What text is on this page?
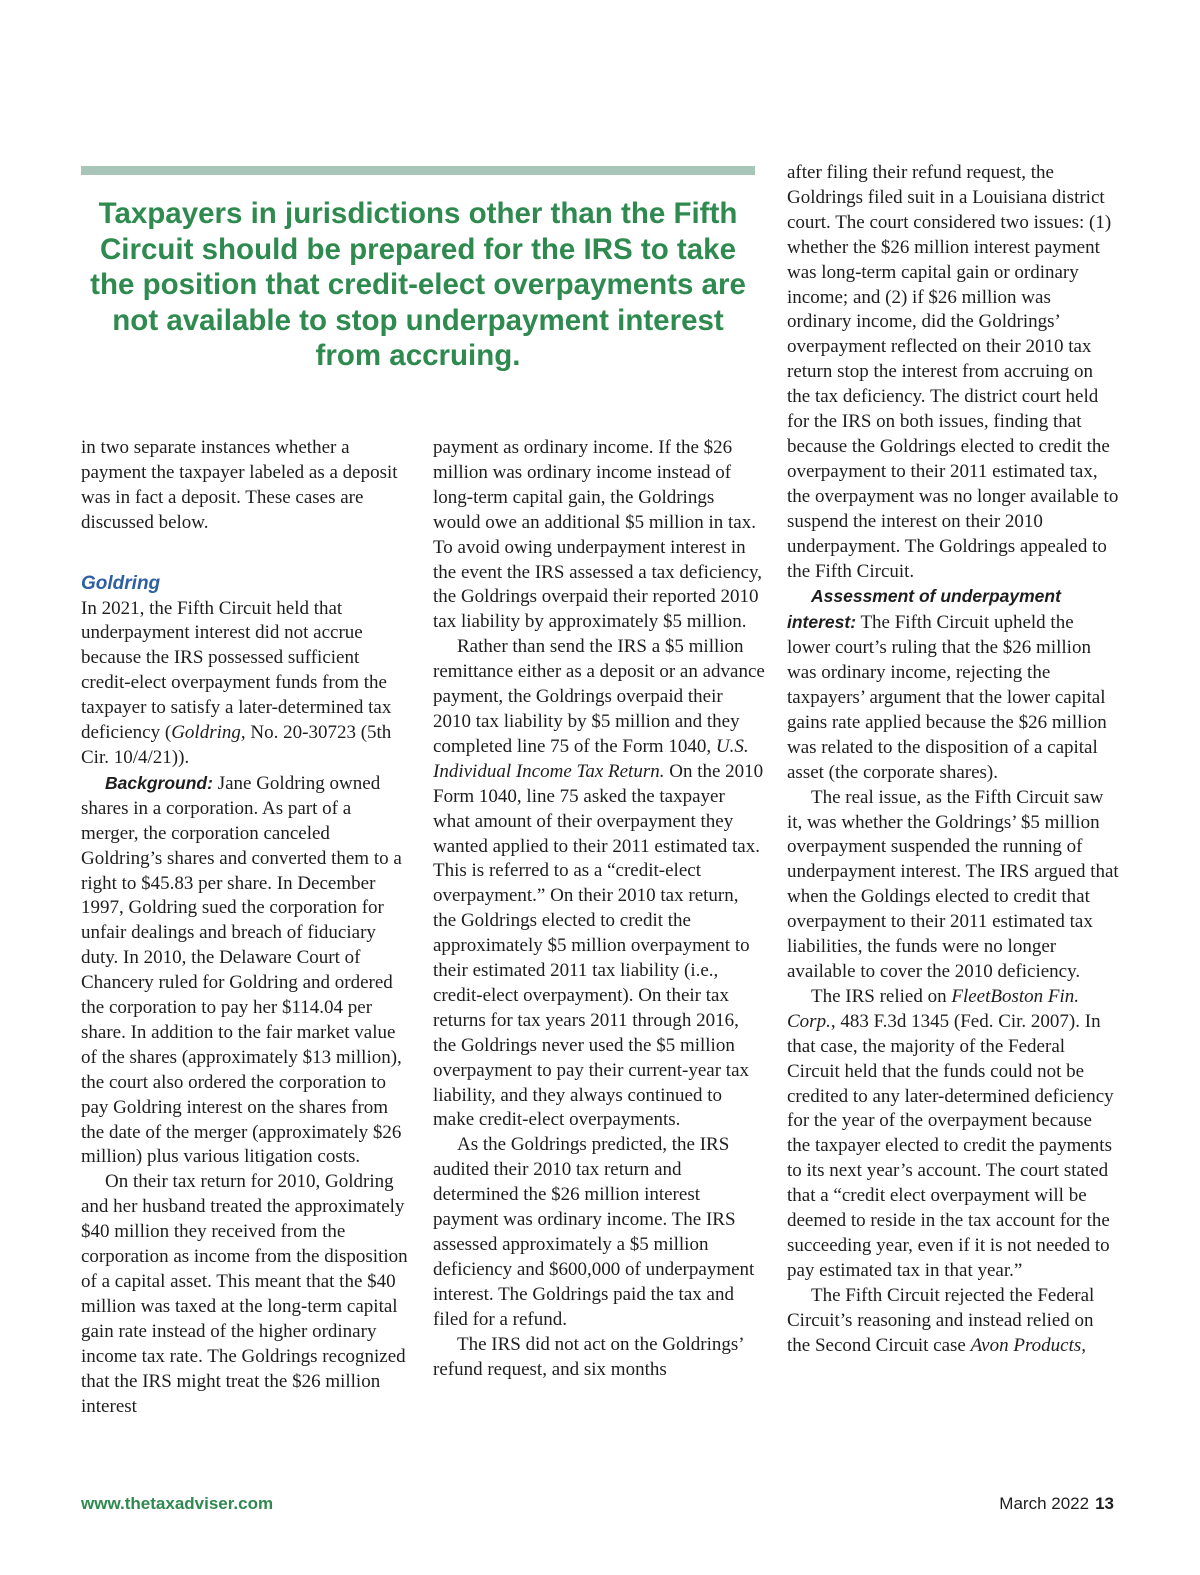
Taxpayers in jurisdictions other than the Fifth Circuit should be prepared for the IRS to take the position that credit-elect overpayments are not available to stop underpayment interest from accruing.

in two separate instances whether a payment the taxpayer labeled as a deposit was in fact a deposit. These cases are discussed below.

Goldring

In 2021, the Fifth Circuit held that underpayment interest did not accrue because the IRS possessed sufficient credit-elect overpayment funds from the taxpayer to satisfy a later-determined tax deficiency (Goldring, No. 20-30723 (5th Cir. 10/4/21)).

Background: Jane Goldring owned shares in a corporation. As part of a merger, the corporation canceled Goldring’s shares and converted them to a right to $45.83 per share. In December 1997, Goldring sued the corporation for unfair dealings and breach of fiduciary duty. In 2010, the Delaware Court of Chancery ruled for Goldring and ordered the corporation to pay her $114.04 per share. In addition to the fair market value of the shares (approximately $13 million), the court also ordered the corporation to pay Goldring interest on the shares from the date of the merger (approximately $26 million) plus various litigation costs.

On their tax return for 2010, Goldring and her husband treated the approximately $40 million they received from the corporation as income from the disposition of a capital asset. This meant that the $40 million was taxed at the long-term capital gain rate instead of the higher ordinary income tax rate. The Goldrings recognized that the IRS might treat the $26 million interest

payment as ordinary income. If the $26 million was ordinary income instead of long-term capital gain, the Goldrings would owe an additional $5 million in tax. To avoid owing underpayment interest in the event the IRS assessed a tax deficiency, the Goldrings overpaid their reported 2010 tax liability by approximately $5 million.

Rather than send the IRS a $5 million remittance either as a deposit or an advance payment, the Goldrings overpaid their 2010 tax liability by $5 million and they completed line 75 of the Form 1040, U.S. Individual Income Tax Return. On the 2010 Form 1040, line 75 asked the taxpayer what amount of their overpayment they wanted applied to their 2011 estimated tax. This is referred to as a “credit-elect overpayment.” On their 2010 tax return, the Goldrings elected to credit the approximately $5 million overpayment to their estimated 2011 tax liability (i.e., credit-elect overpayment). On their tax returns for tax years 2011 through 2016, the Goldrings never used the $5 million overpayment to pay their current-year tax liability, and they always continued to make credit-elect overpayments.

As the Goldrings predicted, the IRS audited their 2010 tax return and determined the $26 million interest payment was ordinary income. The IRS assessed approximately a $5 million deficiency and $600,000 of underpayment interest. The Goldrings paid the tax and filed for a refund.

The IRS did not act on the Goldrings’ refund request, and six months

after filing their refund request, the Goldrings filed suit in a Louisiana district court. The court considered two issues: (1) whether the $26 million interest payment was long-term capital gain or ordinary income; and (2) if $26 million was ordinary income, did the Goldrings’ overpayment reflected on their 2010 tax return stop the interest from accruing on the tax deficiency. The district court held for the IRS on both issues, finding that because the Goldrings elected to credit the overpayment to their 2011 estimated tax, the overpayment was no longer available to suspend the interest on their 2010 underpayment. The Goldrings appealed to the Fifth Circuit.

Assessment of underpayment interest: The Fifth Circuit upheld the lower court’s ruling that the $26 million was ordinary income, rejecting the taxpayers’ argument that the lower capital gains rate applied because the $26 million was related to the disposition of a capital asset (the corporate shares).

The real issue, as the Fifth Circuit saw it, was whether the Goldrings’ $5 million overpayment suspended the running of underpayment interest. The IRS argued that when the Goldings elected to credit that overpayment to their 2011 estimated tax liabilities, the funds were no longer available to cover the 2010 deficiency.

The IRS relied on FleetBoston Fin. Corp., 483 F.3d 1345 (Fed. Cir. 2007). In that case, the majority of the Federal Circuit held that the funds could not be credited to any later-determined deficiency for the year of the overpayment because the taxpayer elected to credit the payments to its next year’s account. The court stated that a “credit elect overpayment will be deemed to reside in the tax account for the succeeding year, even if it is not needed to pay estimated tax in that year.”

The Fifth Circuit rejected the Federal Circuit’s reasoning and instead relied on the Second Circuit case Avon Products,

www.thetaxadviser.com	March 2022 13
